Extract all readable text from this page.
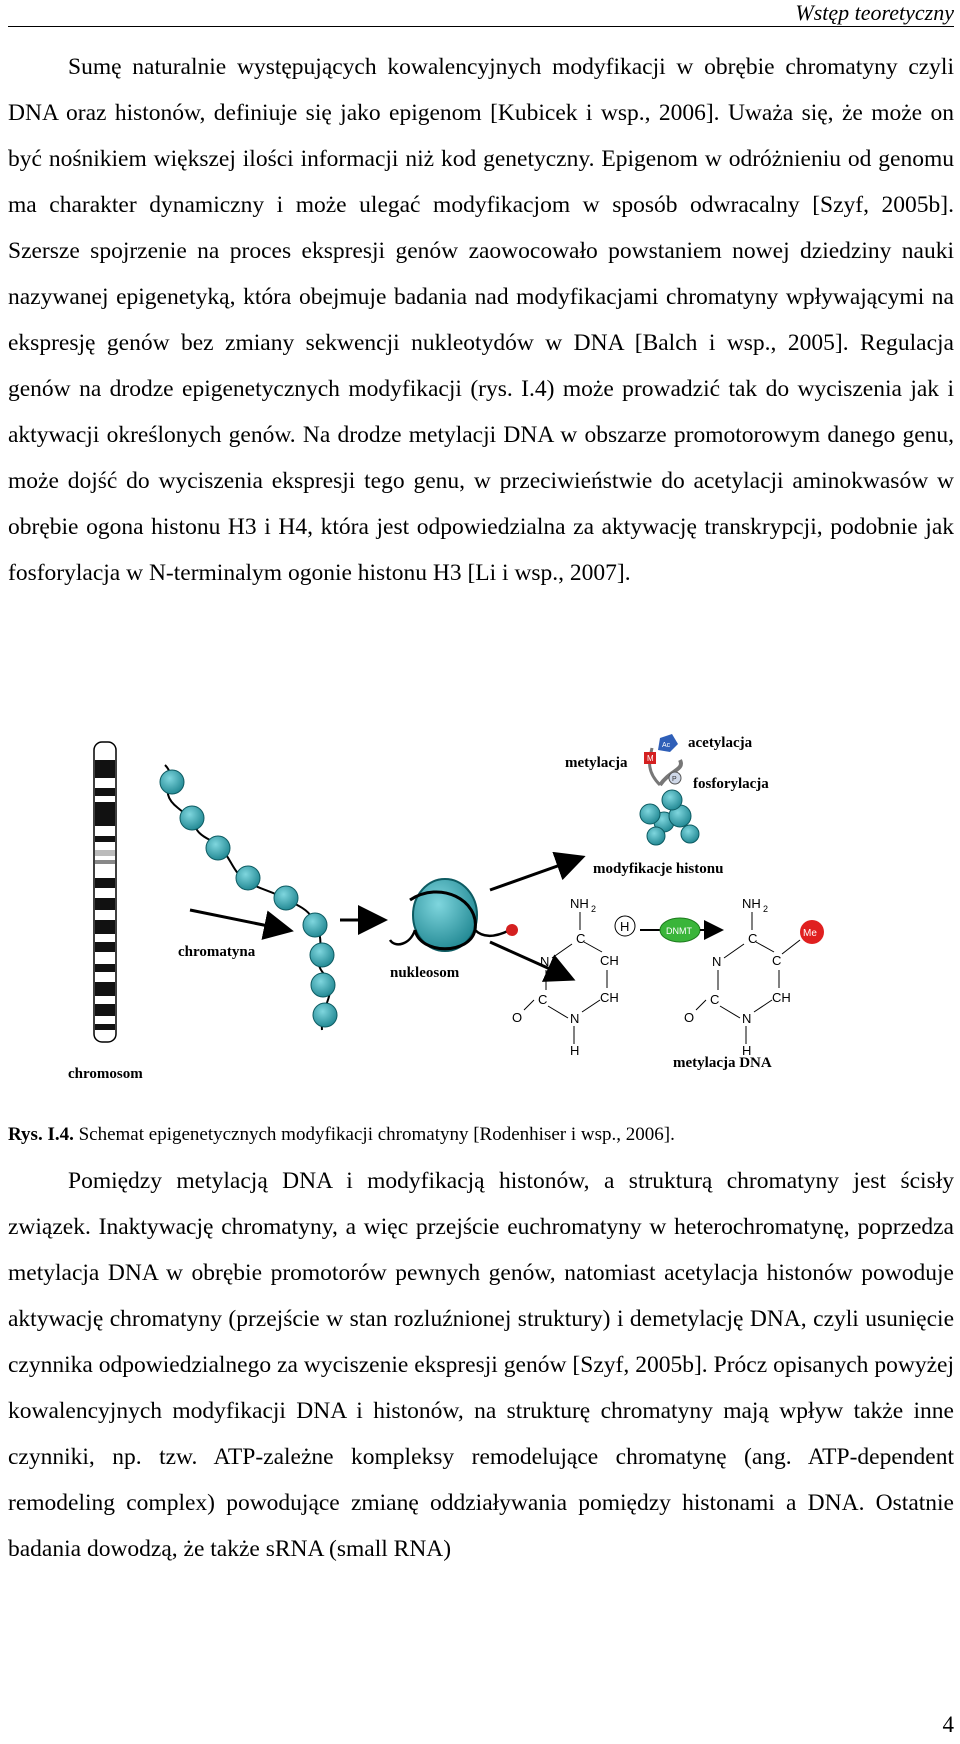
Wstęp teoretyczny

Sumę naturalnie występujących kowalencyjnych modyfikacji w obrębie chromatyny czyli DNA oraz histonów, definiuje się jako epigenom [Kubicek i wsp., 2006]. Uważa się, że może on być nośnikiem większej ilości informacji niż kod genetyczny. Epigenom w odróżnieniu od genomu ma charakter dynamiczny i może ulegać modyfikacjom w sposób odwracalny [Szyf, 2005b]. Szersze spojrzenie na proces ekspresji genów zaowocowało powstaniem nowej dziedziny nauki nazywanej epigenetyką, która obejmuje badania nad modyfikacjami chromatyny wpływającymi na ekspresję genów bez zmiany sekwencji nukleotydów w DNA [Balch i wsp., 2005]. Regulacja genów na drodze epigenetycznych modyfikacji (rys. I.4) może prowadzić tak do wyciszenia jak i aktywacji określonych genów. Na drodze metylacji DNA w obszarze promotorowym danego genu, może dojść do wyciszenia ekspresji tego genu, w przeciwieństwie do acetylacji aminokwasów w obrębie ogona histonu H3 i H4, która jest odpowiedzialna za aktywację transkrypcji, podobnie jak fosforylacja w N-terminalym ogonie histonu H3 [Li i wsp., 2007].

Ac
M
P
metylacja
acetylacja
fosforylacja
modyfikacje histonu
NH 2
C
CH
CH
N
H
C
O
N
H	DNMT
NH 2
C
C
CH
N
H
C
O
N
Me
chromatyna
nukleosom
chromosom
metylacja DNA
Rys. I.4. Schemat epigenetycznych modyfikacji chromatyny [Rodenhiser i wsp., 2006].

Pomiędzy metylacją DNA i modyfikacją histonów, a strukturą chromatyny jest ścisły związek. Inaktywację chromatyny, a więc przejście euchromatyny w heterochromatynę, poprzedza metylacja DNA w obrębie promotorów pewnych genów, natomiast acetylacja histonów powoduje aktywację chromatyny (przejście w stan rozluźnionej struktury) i demetylację DNA, czyli usunięcie czynnika odpowiedzialnego za wyciszenie ekspresji genów [Szyf, 2005b]. Prócz opisanych powyżej kowalencyjnych modyfikacji DNA i histonów, na strukturę chromatyny mają wpływ także inne czynniki, np. tzw. ATP-zależne kompleksy remodelujące chromatynę (ang. ATP-dependent remodeling complex) powodujące zmianę oddziaływania pomiędzy histonami a DNA. Ostatnie badania dowodzą, że także sRNA (small RNA)

4
